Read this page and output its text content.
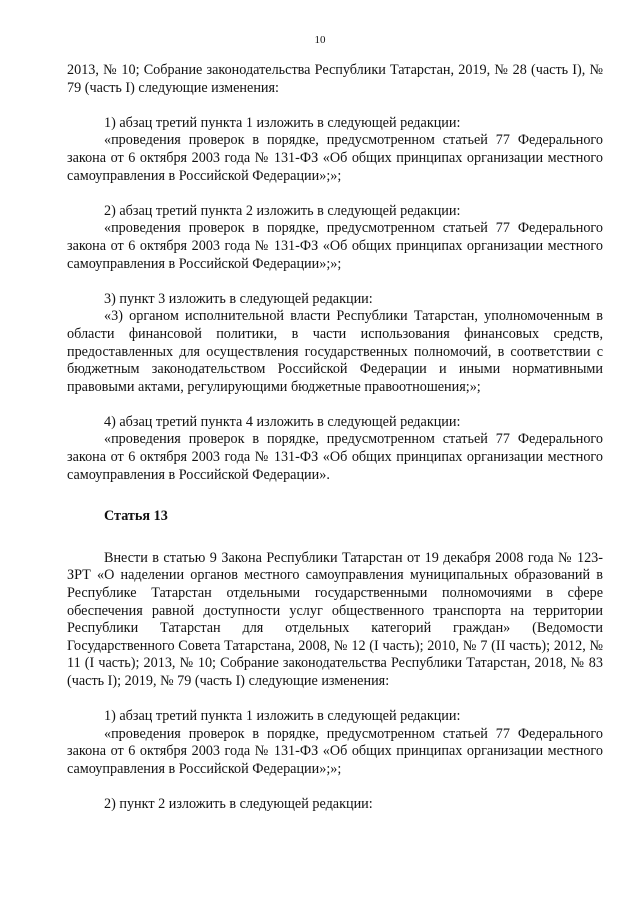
10

2013, № 10; Собрание законодательства Республики Татарстан, 2019, № 28 (часть I), № 79 (часть I) следующие изменения:

1) абзац третий пункта 1 изложить в следующей редакции:

«проведения проверок в порядке, предусмотренном статьей 77 Федерального закона от 6 октября 2003 года № 131-ФЗ «Об общих принципах организации местного самоуправления в Российской Федерации»;»;

2) абзац третий пункта 2 изложить в следующей редакции:

«проведения проверок в порядке, предусмотренном статьей 77 Федерального закона от 6 октября 2003 года № 131-ФЗ «Об общих принципах организации местного самоуправления в Российской Федерации»;»;

3) пункт 3 изложить в следующей редакции:

«3) органом исполнительной власти Республики Татарстан, уполномоченным в области финансовой политики, в части использования финансовых средств, предоставленных для осуществления государственных полномочий, в соответствии с бюджетным законодательством Российской Федерации и иными нормативными правовыми актами, регулирующими бюджетные правоотношения;»;

4) абзац третий пункта 4 изложить в следующей редакции:

«проведения проверок в порядке, предусмотренном статьей 77 Федерального закона от 6 октября 2003 года № 131-ФЗ «Об общих принципах организации местного самоуправления в Российской Федерации».

Статья 13

Внести в статью 9 Закона Республики Татарстан от 19 декабря 2008 года № 123-ЗРТ «О наделении органов местного самоуправления муниципальных образований в Республике Татарстан отдельными государственными полномочиями в сфере обеспечения равной доступности услуг общественного транспорта на территории Республики Татарстан для отдельных категорий граждан» (Ведомости Государственного Совета Татарстана, 2008, № 12 (I часть); 2010, № 7 (II часть); 2012, № 11 (I часть); 2013, № 10; Собрание законодательства Республики Татарстан, 2018, № 83 (часть I); 2019, № 79 (часть I) следующие изменения:

1) абзац третий пункта 1 изложить в следующей редакции:

«проведения проверок в порядке, предусмотренном статьей 77 Федерального закона от 6 октября 2003 года № 131-ФЗ «Об общих принципах организации местного самоуправления в Российской Федерации»;»;

2) пункт 2 изложить в следующей редакции:
